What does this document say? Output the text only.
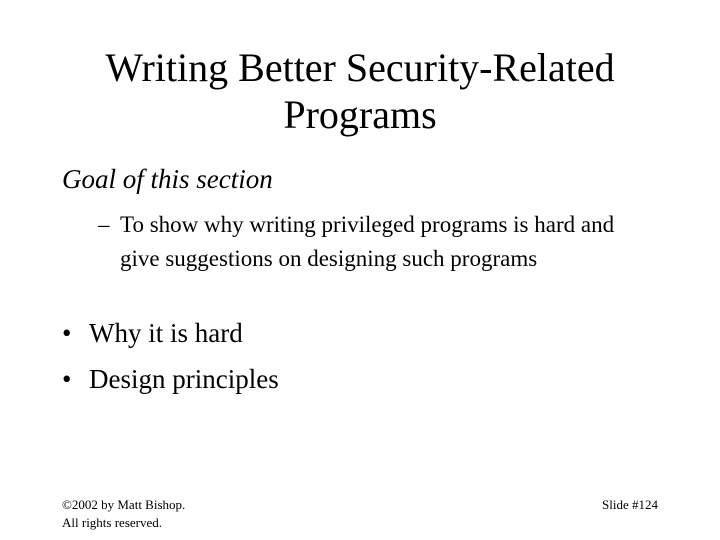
Writing Better Security-Related
Programs
Goal of this section
– To show why writing privileged programs is hard and give suggestions on designing such programs
• Why it is hard
• Design principles
©2002 by Matt Bishop.
All rights reserved.
Slide #124
